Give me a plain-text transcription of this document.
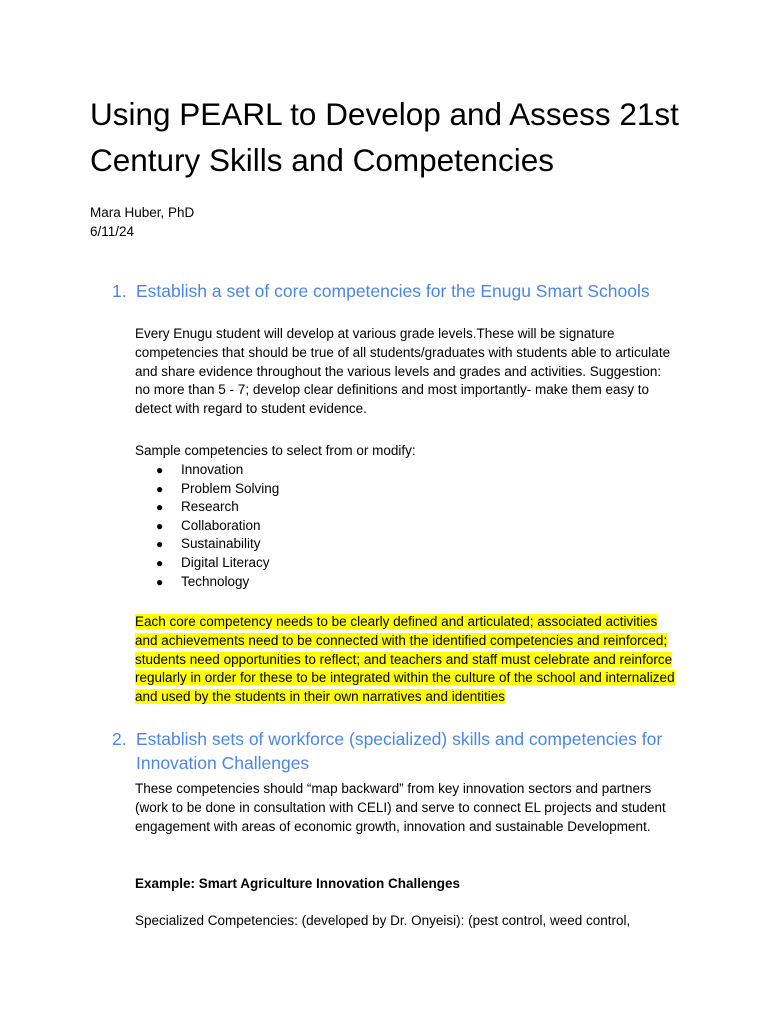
Using PEARL to Develop and Assess 21st Century Skills and Competencies
Mara Huber, PhD
6/11/24
1. Establish a set of core competencies for the Enugu Smart Schools
Every Enugu student will develop at various grade levels.These will be signature competencies that should be true of all students/graduates with students able to articulate and share evidence throughout the various levels and grades and activities. Suggestion: no more than 5 - 7; develop clear definitions and most importantly- make them easy to detect with regard to student evidence.
Sample competencies to select from or modify:
● Innovation
● Problem Solving
● Research
● Collaboration
● Sustainability
● Digital Literacy
● Technology
Each core competency needs to be clearly defined and articulated; associated activities and achievements need to be connected with the identified competencies and reinforced; students need opportunities to reflect; and teachers and staff must celebrate and reinforce regularly in order for these to be integrated within the culture of the school and internalized and used by the students in their own narratives and identities
2. Establish sets of workforce (specialized) skills and competencies for Innovation Challenges
These competencies should “map backward” from key innovation sectors and partners (work to be done in consultation with CELI) and serve to connect EL projects and student engagement with areas of economic growth, innovation and sustainable Development.
Example: Smart Agriculture Innovation Challenges
Specialized Competencies: (developed by Dr. Onyeisi): (pest control, weed control,
